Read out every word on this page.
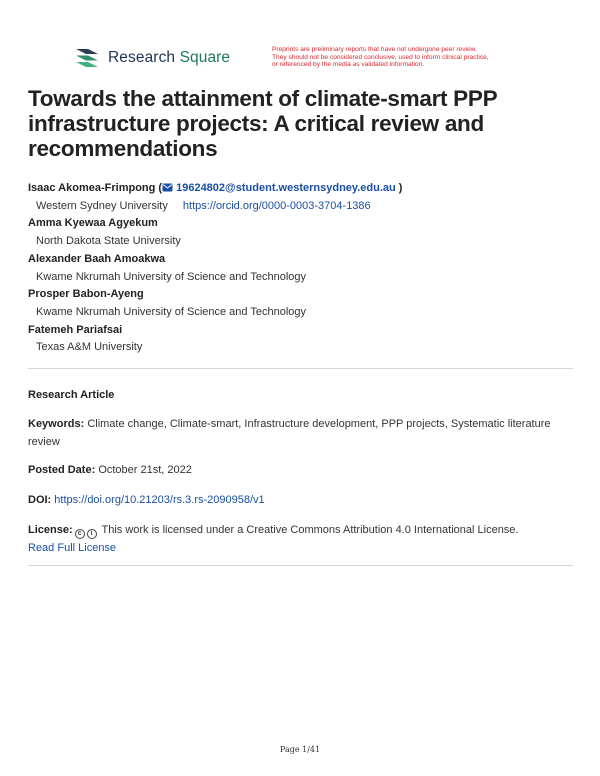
Research Square	Preprints are preliminary reports that have not undergone peer review.
They should not be considered conclusive, used to inform clinical practice,
or referenced by the media as validated information.
Towards the attainment of climate-smart PPP infrastructure projects: A critical review and recommendations
Isaac Akomea-Frimpong ( 19624802@student.westernsydney.edu.au )
Western Sydney University https://orcid.org/0000-0003-3704-1386
Amma Kyewaa Agyekum
North Dakota State University
Alexander Baah Amoakwa
Kwame Nkrumah University of Science and Technology
Prosper Babon-Ayeng
Kwame Nkrumah University of Science and Technology
Fatemeh Pariafsai
Texas A&M University
Research Article
Keywords: Climate change, Climate-smart, Infrastructure development, PPP projects, Systematic literature review
Posted Date: October 21st, 2022
DOI: https://doi.org/10.21203/rs.3.rs-2090958/v1
License: c	i This work is licensed under a Creative Commons Attribution 4.0 International License.
Read Full License
Page 1/41
